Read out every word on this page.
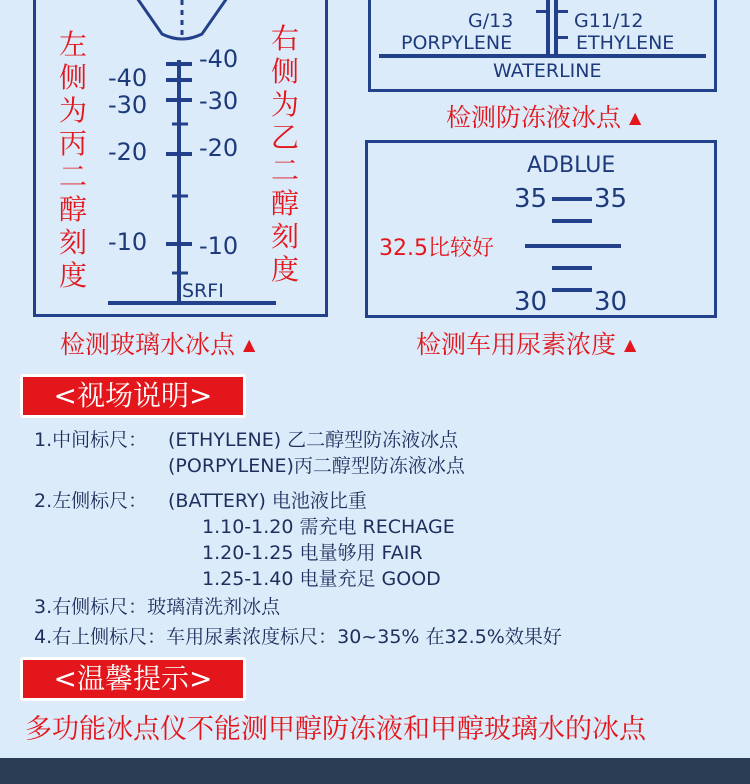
-40
-30
-20
-10
-40
-30
-20
-10
SRFI
左
侧
为
丙
二
醇
刻
度
右
侧
为
乙
二
醇
刻
度
检测玻璃水冰点 ▲
G/13	G11/12
PORPYLENE	ETHYLENE
WATERLINE
检测防冻液冰点 ▲
ADBLUE
35 35
32.5比较好
30 30
检测车用尿素浓度 ▲
<视场说明>
1.中间标尺： (ETHYLENE) 乙二醇型防冻液冰点
(PORPYLENE)丙二醇型防冻液冰点
2.左侧标尺： (BATTERY) 电池液比重
1.10-1.20 需充电 RECHAGE
1.20-1.25 电量够用 FAIR
1.25-1.40 电量充足 GOOD
3.右侧标尺：玻璃清洗剂冰点
4.右上侧标尺：车用尿素浓度标尺：30~35% 在32.5%效果好
<温馨提示>
多功能冰点仪不能测甲醇防冻液和甲醇玻璃水的冰点
